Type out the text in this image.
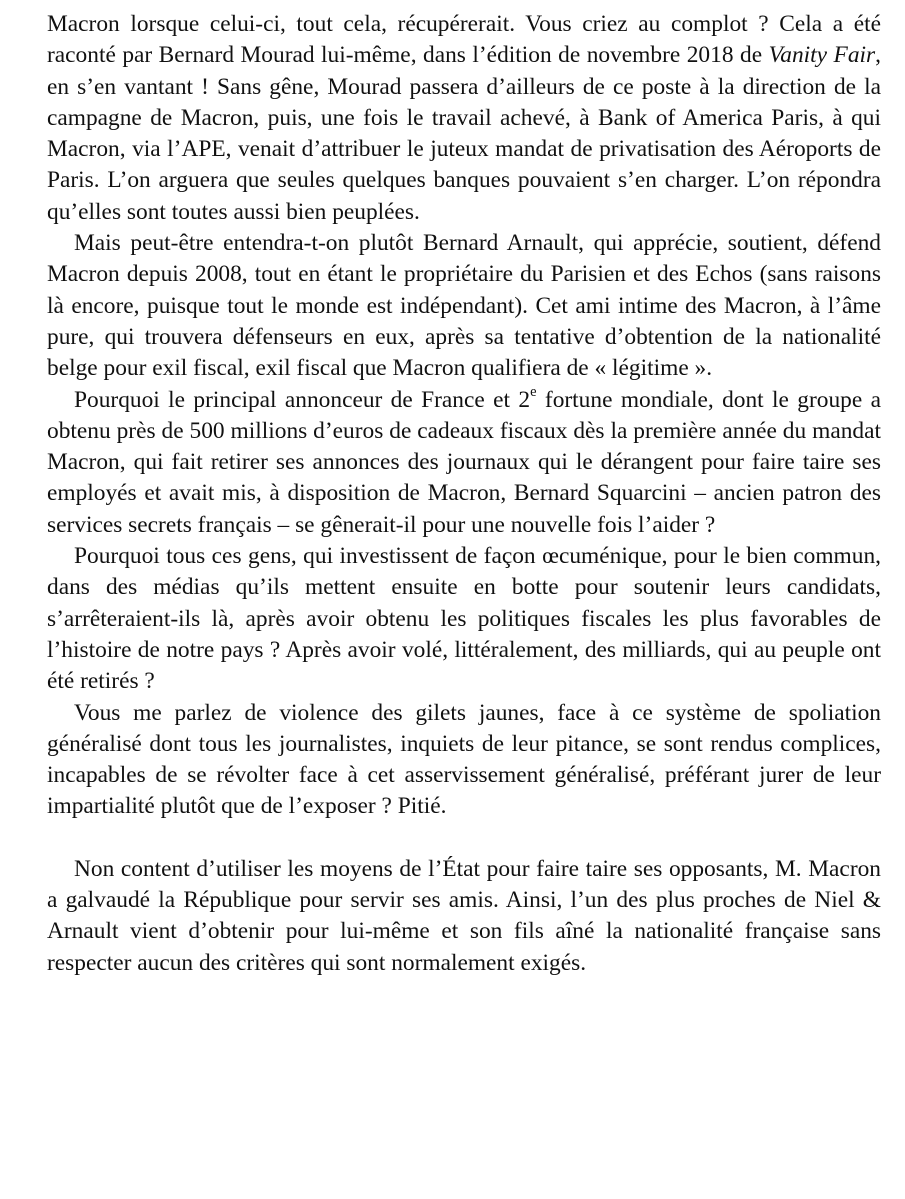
Macron lorsque celui-ci, tout cela, récupérerait. Vous criez au complot ? Cela a été raconté par Bernard Mourad lui-même, dans l’édition de novembre 2018 de Vanity Fair, en s’en vantant ! Sans gêne, Mourad passera d’ailleurs de ce poste à la direction de la campagne de Macron, puis, une fois le travail achevé, à Bank of America Paris, à qui Macron, via l’APE, venait d’attribuer le juteux mandat de privatisation des Aéroports de Paris. L’on arguera que seules quelques banques pouvaient s’en charger. L’on répondra qu’elles sont toutes aussi bien peuplées.

Mais peut-être entendra-t-on plutôt Bernard Arnault, qui apprécie, soutient, défend Macron depuis 2008, tout en étant le propriétaire du Parisien et des Echos (sans raisons là encore, puisque tout le monde est indépendant). Cet ami intime des Macron, à l’âme pure, qui trouvera défenseurs en eux, après sa tentative d’obtention de la nationalité belge pour exil fiscal, exil fiscal que Macron qualifiera de « légitime ».

Pourquoi le principal annonceur de France et 2e fortune mondiale, dont le groupe a obtenu près de 500 millions d’euros de cadeaux fiscaux dès la première année du mandat Macron, qui fait retirer ses annonces des journaux qui le dérangent pour faire taire ses employés et avait mis, à disposition de Macron, Bernard Squarcini – ancien patron des services secrets français – se gênerait-il pour une nouvelle fois l’aider ?

Pourquoi tous ces gens, qui investissent de façon œcuménique, pour le bien commun, dans des médias qu’ils mettent ensuite en botte pour soutenir leurs candidats, s’arrêteraient-ils là, après avoir obtenu les politiques fiscales les plus favorables de l’histoire de notre pays ? Après avoir volé, littéralement, des milliards, qui au peuple ont été retirés ?

Vous me parlez de violence des gilets jaunes, face à ce système de spoliation généralisé dont tous les journalistes, inquiets de leur pitance, se sont rendus complices, incapables de se révolter face à cet asservissement généralisé, préférant jurer de leur impartialité plutôt que de l’exposer ? Pitié.

Non content d’utiliser les moyens de l’État pour faire taire ses opposants, M. Macron a galvaudé la République pour servir ses amis. Ainsi, l’un des plus proches de Niel & Arnault vient d’obtenir pour lui-même et son fils aîné la nationalité française sans respecter aucun des critères qui sont normalement exigés.
